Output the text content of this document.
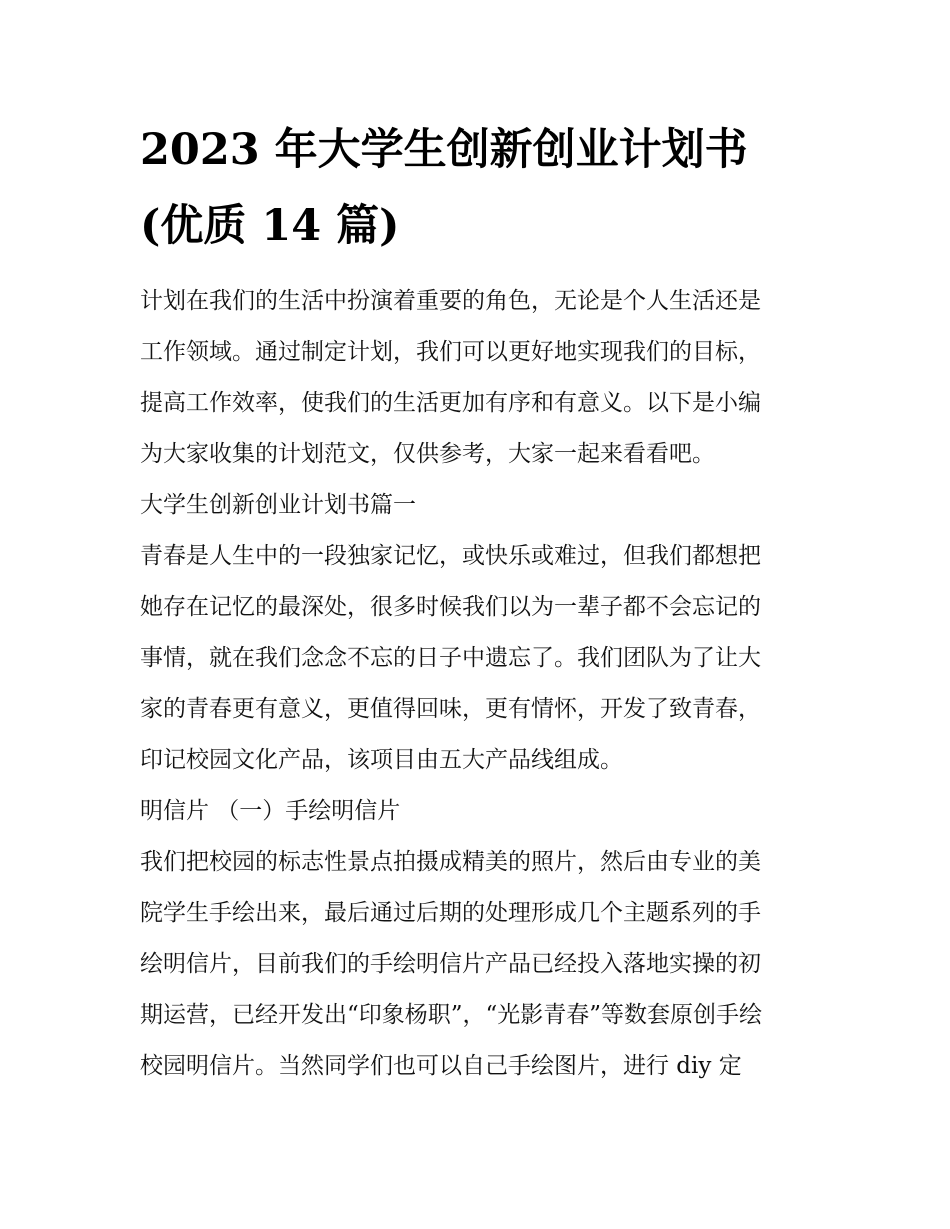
2023 年大学生创新创业计划书
(优质 14 篇)
计划在我们的生活中扮演着重要的角色，无论是个人生活还是
工作领域。通过制定计划，我们可以更好地实现我们的目标，
提高工作效率，使我们的生活更加有序和有意义。以下是小编
为大家收集的计划范文，仅供参考，大家一起来看看吧。
大学生创新创业计划书篇一
青春是人生中的一段独家记忆，或快乐或难过，但我们都想把
她存在记忆的最深处，很多时候我们以为一辈子都不会忘记的
事情，就在我们念念不忘的日子中遗忘了。我们团队为了让大
家的青春更有意义，更值得回味，更有情怀，开发了致青春，
印记校园文化产品，该项目由五大产品线组成。
明信片 （一）手绘明信片
我们把校园的标志性景点拍摄成精美的照片，然后由专业的美
院学生手绘出来，最后通过后期的处理形成几个主题系列的手
绘明信片，目前我们的手绘明信片产品已经投入落地实操的初
期运营，已经开发出“印象杨职”，“光影青春”等数套原创手绘
校园明信片。当然同学们也可以自己手绘图片，进行 diy 定
